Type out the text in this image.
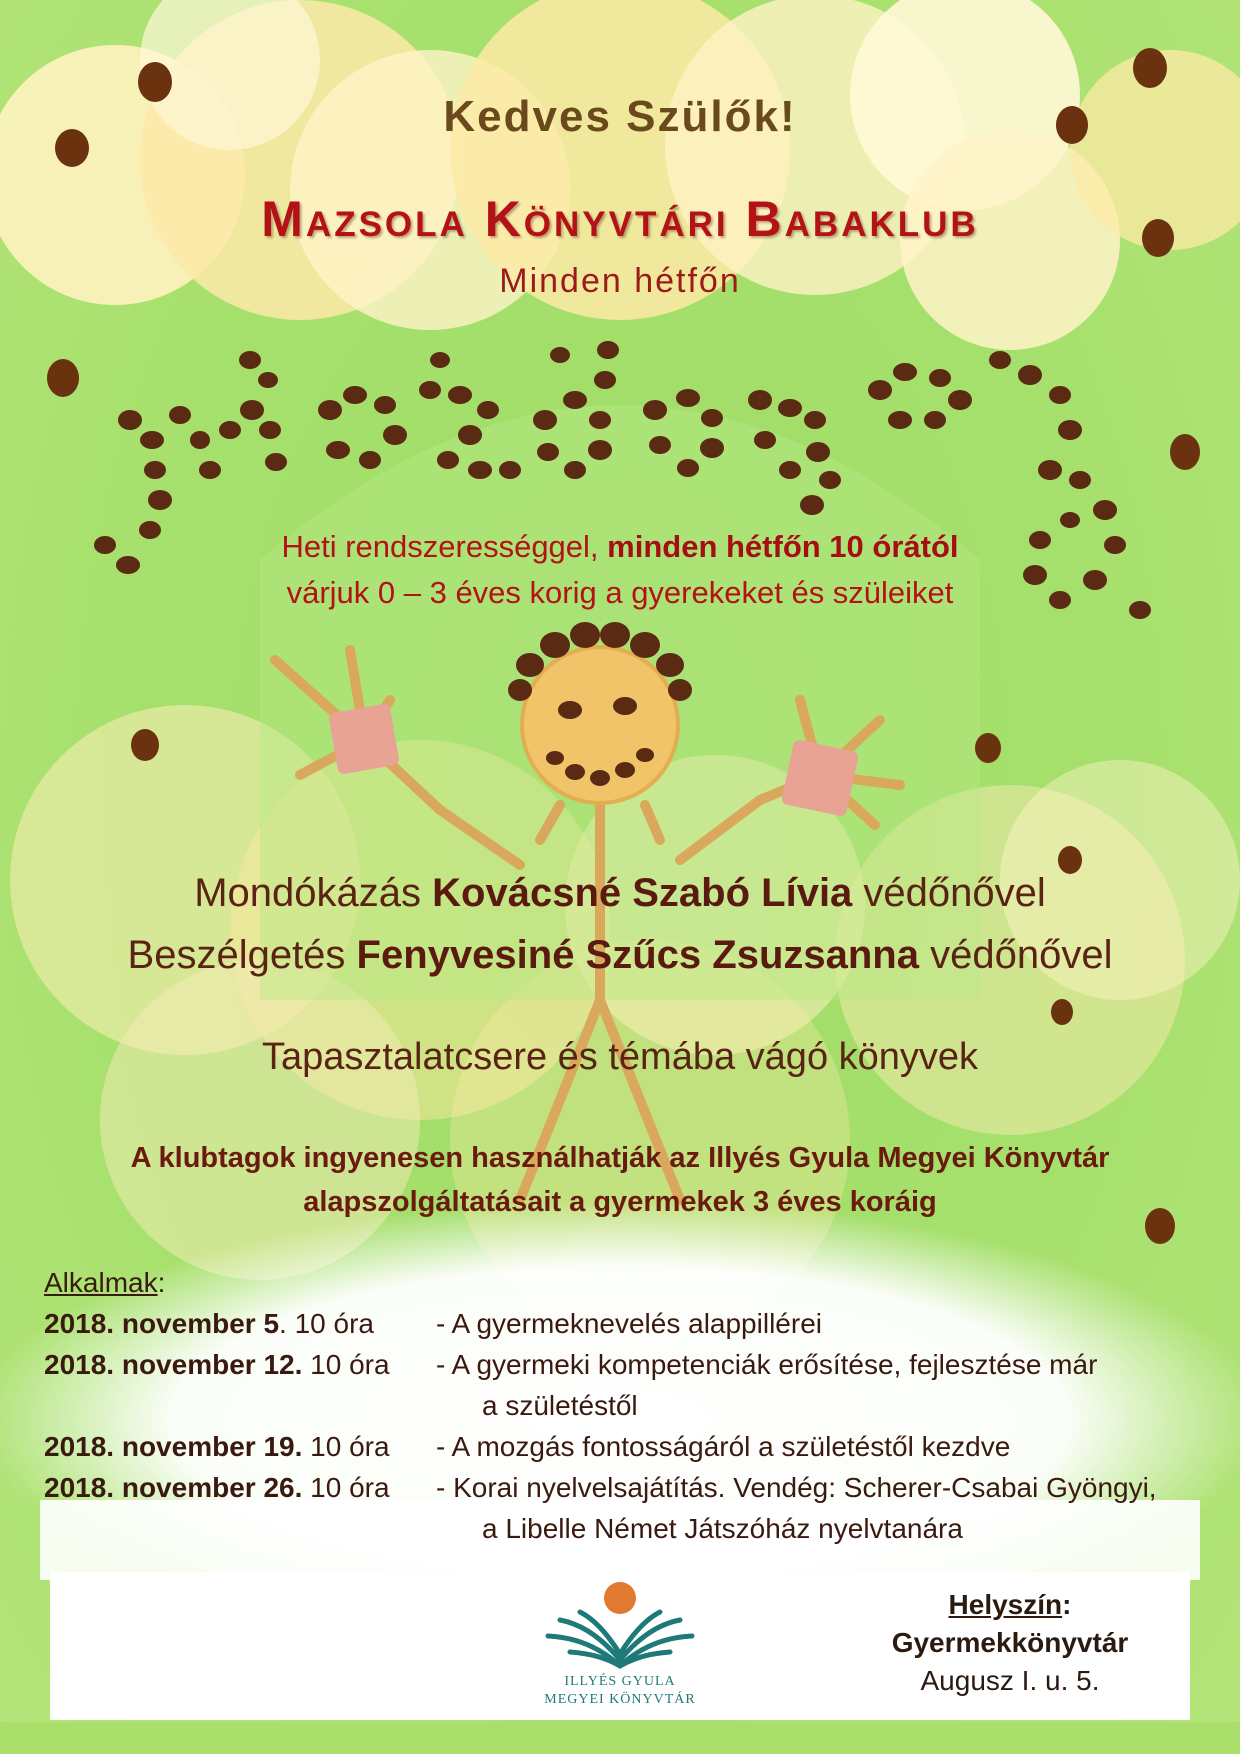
Kedves Szülők!
Mazsola Könyvtári Babaklub
Minden hétfőn
Heti rendszerességgel, minden hétfőn 10 órától
várjuk 0 – 3 éves korig a gyerekeket és szüleiket
Mondókázás Kovácsné Szabó Lívia védőnővel
Beszélgetés Fenyvesiné Szűcs Zsuzsanna védőnővel
Tapasztalatcsere és témába vágó könyvek
A klubtagok ingyenesen használhatják az Illyés Gyula Megyei Könyvtár
alapszolgáltatásait a gyermekek 3 éves koráig
Alkalmak:
2018. november 5. 10 óra	- A gyermeknevelés alappillérei
2018. november 12. 10 óra	- A gyermeki kompetenciák erősítése, fejlesztése már
a születéstől
2018. november 19. 10 óra	- A mozgás fontosságáról a születéstől kezdve
2018. november 26. 10 óra	- Korai nyelvelsajátítás. Vendég: Scherer-Csabai Gyöngyi,
a Libelle Német Játszóház nyelvtanára
ILLYÉS GYULA
MEGYEI KÖNYVTÁR
Helyszín:
Gyermekkönyvtár
Augusz I. u. 5.
